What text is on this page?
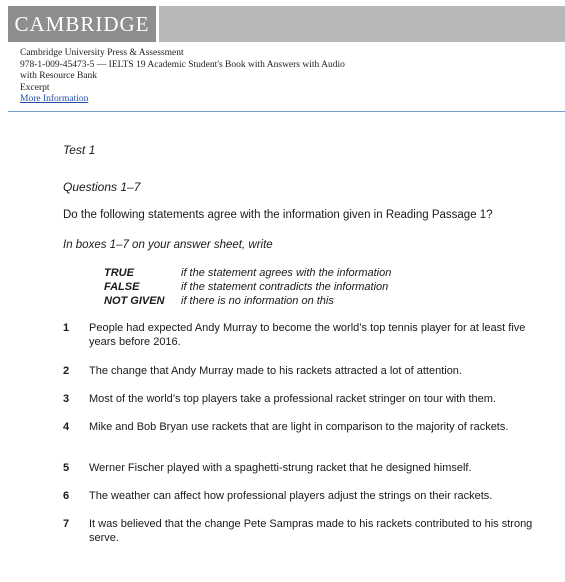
CAMBRIDGE
Cambridge University Press & Assessment
978-1-009-45473-5 — IELTS 19 Academic Student's Book with Answers with Audio
with Resource Bank
Excerpt
More Information
Test 1
Questions 1–7
Do the following statements agree with the information given in Reading Passage 1?
In boxes 1–7 on your answer sheet, write
TRUE	if the statement agrees with the information
FALSE	if the statement contradicts the information
NOT GIVEN if there is no information on this
1 People had expected Andy Murray to become the world’s top tennis player for at least five years before 2016.
2 The change that Andy Murray made to his rackets attracted a lot of attention.
3 Most of the world’s top players take a professional racket stringer on tour with them.
4 Mike and Bob Bryan use rackets that are light in comparison to the majority of rackets.
5 Werner Fischer played with a spaghetti-strung racket that he designed himself.
6 The weather can affect how professional players adjust the strings on their rackets.
7 It was believed that the change Pete Sampras made to his rackets contributed to his strong serve.
